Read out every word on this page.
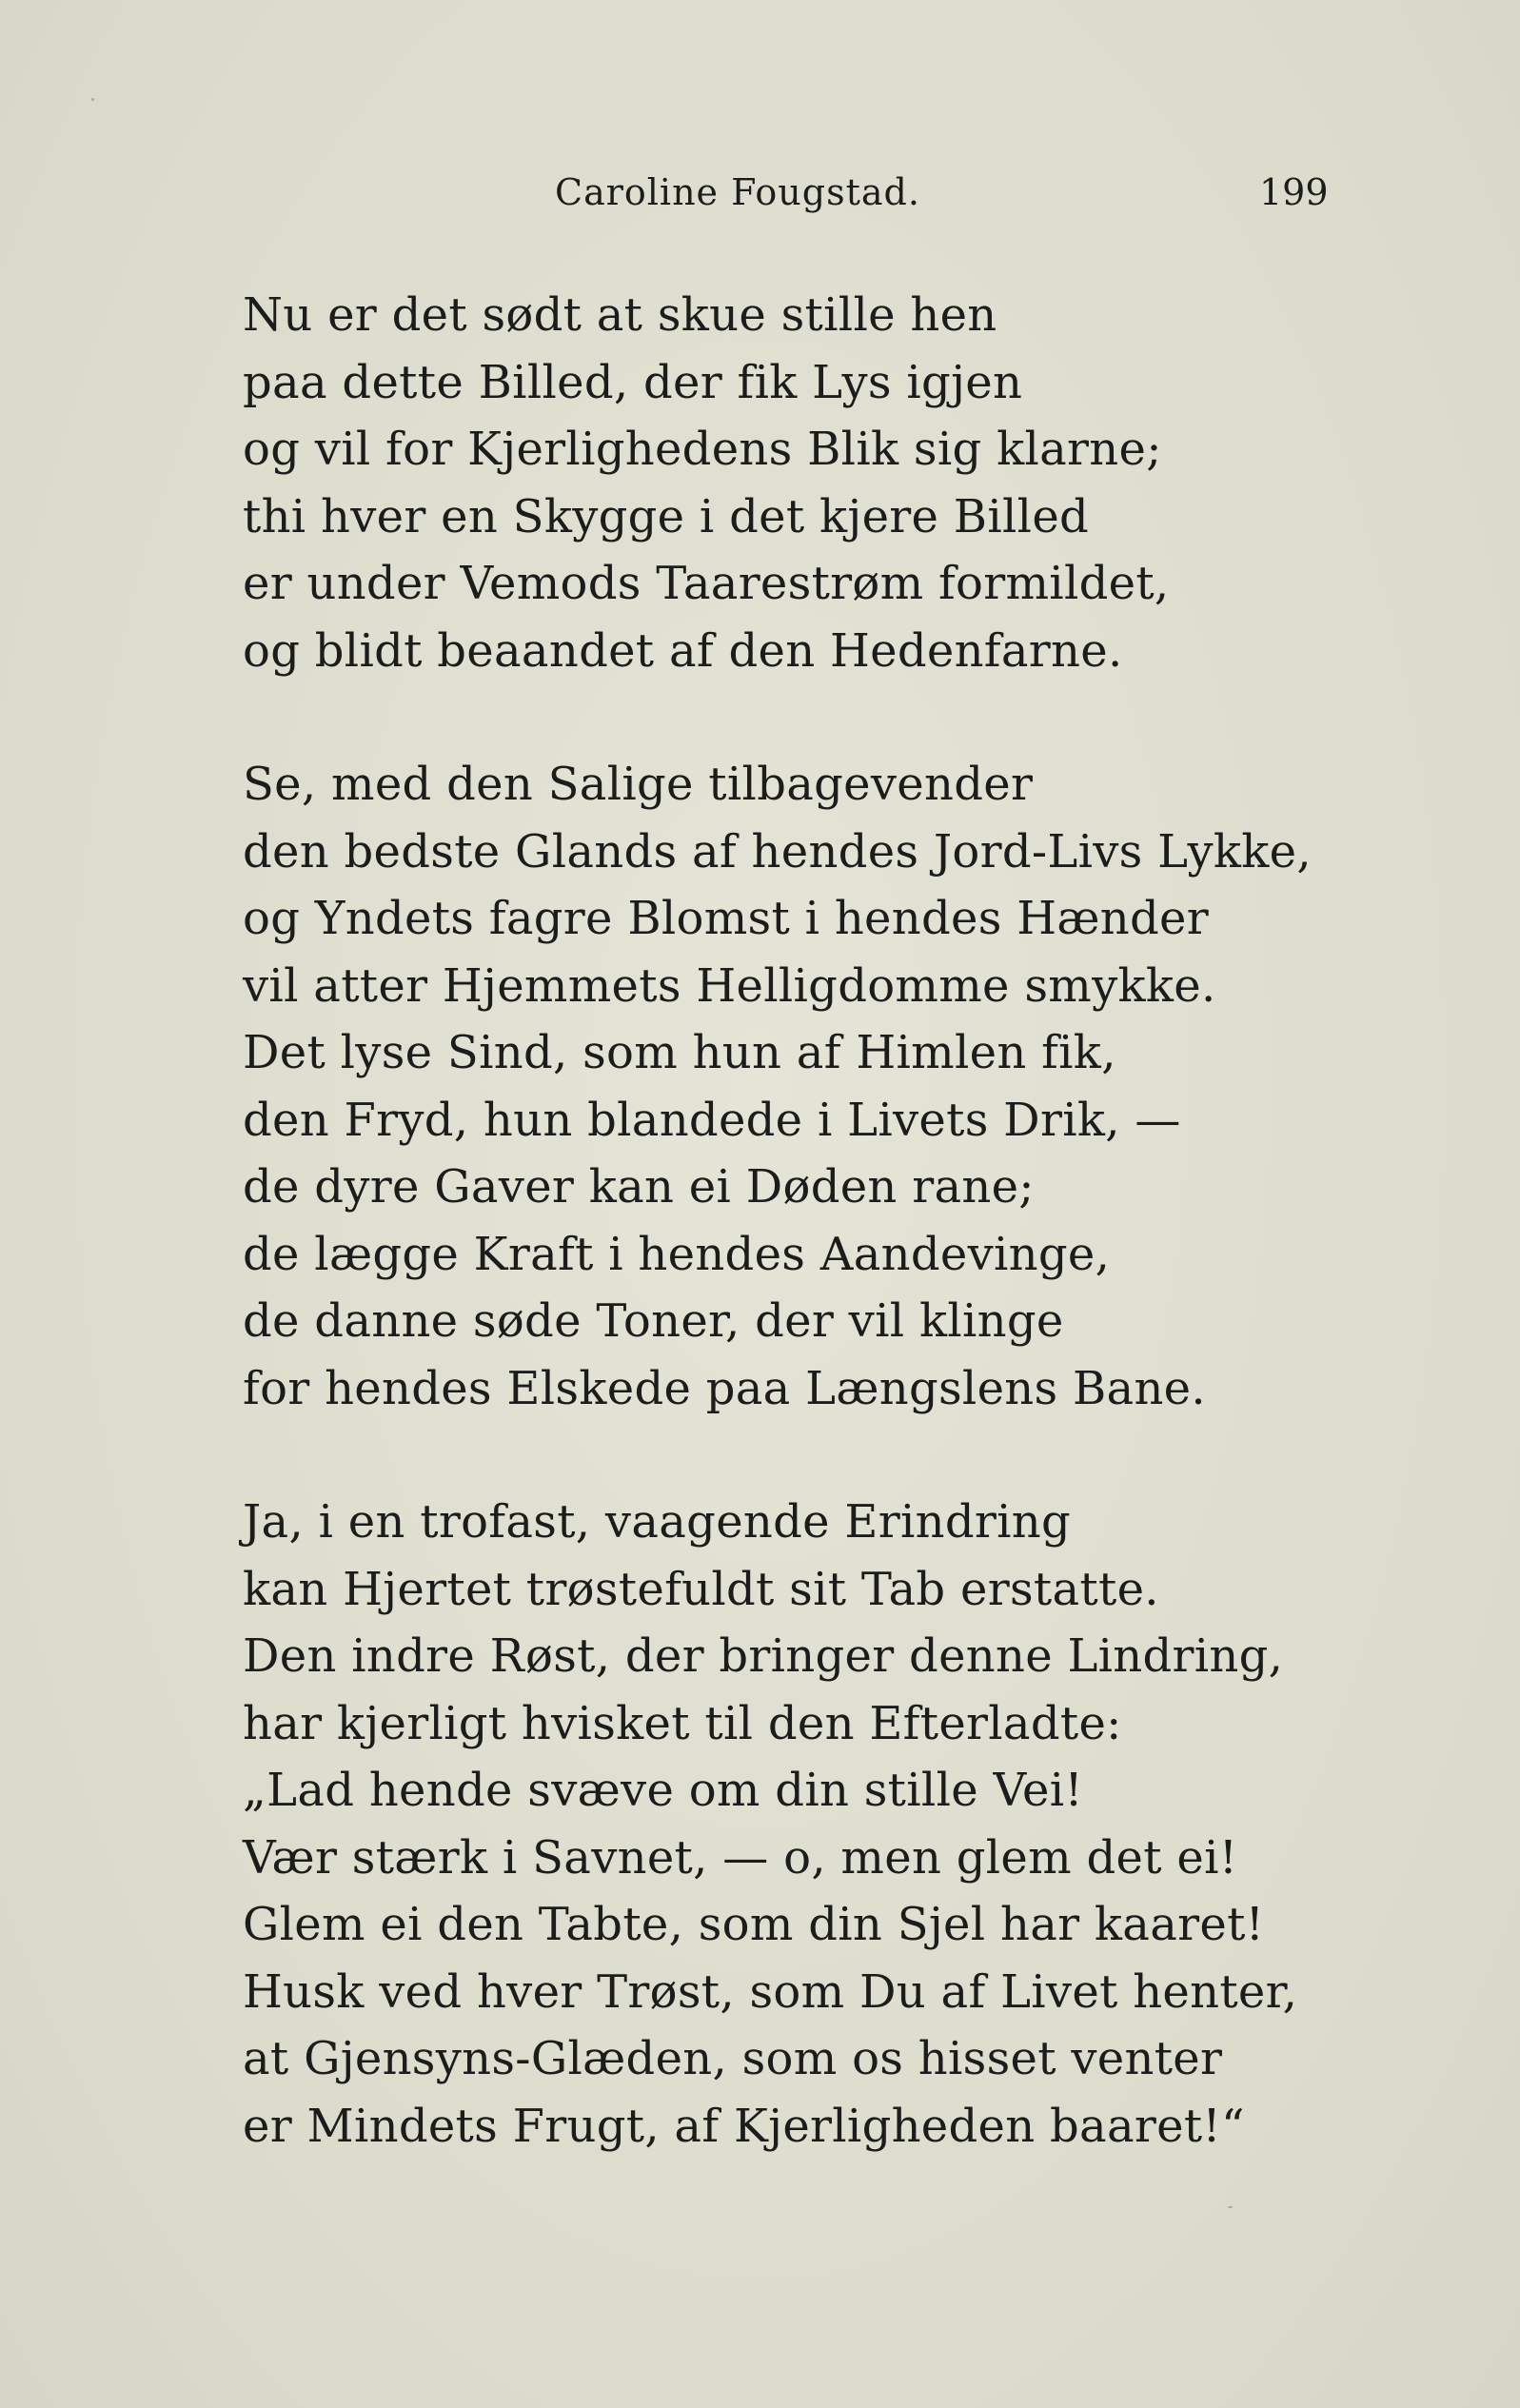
Caroline Fougstad.	199
Nu er det sødt at skue stille hen
paa dette Billed, der fik Lys igjen
og vil for Kjerlighedens Blik sig klarne;
thi hver en Skygge i det kjere Billed
er under Vemods Taarestrøm formildet,
og blidt beaandet af den Hedenfarne.
Se, med den Salige tilbagevender
den bedste Glands af hendes Jord-Livs Lykke,
og Yndets fagre Blomst i hendes Hænder
vil atter Hjemmets Helligdomme smykke.
Det lyse Sind, som hun af Himlen fik,
den Fryd, hun blandede i Livets Drik, —
de dyre Gaver kan ei Døden rane;
de lægge Kraft i hendes Aandevinge,
de danne søde Toner, der vil klinge
for hendes Elskede paa Længslens Bane.
Ja, i en trofast, vaagende Erindring
kan Hjertet trøstefuldt sit Tab erstatte.
Den indre Røst, der bringer denne Lindring,
har kjerligt hvisket til den Efterladte:
„Lad hende svæve om din stille Vei!
Vær stærk i Savnet, — o, men glem det ei!
Glem ei den Tabte, som din Sjel har kaaret!
Husk ved hver Trøst, som Du af Livet henter,
at Gjensyns-Glæden, som os hisset venter
er Mindets Frugt, af Kjerligheden baaret!“
